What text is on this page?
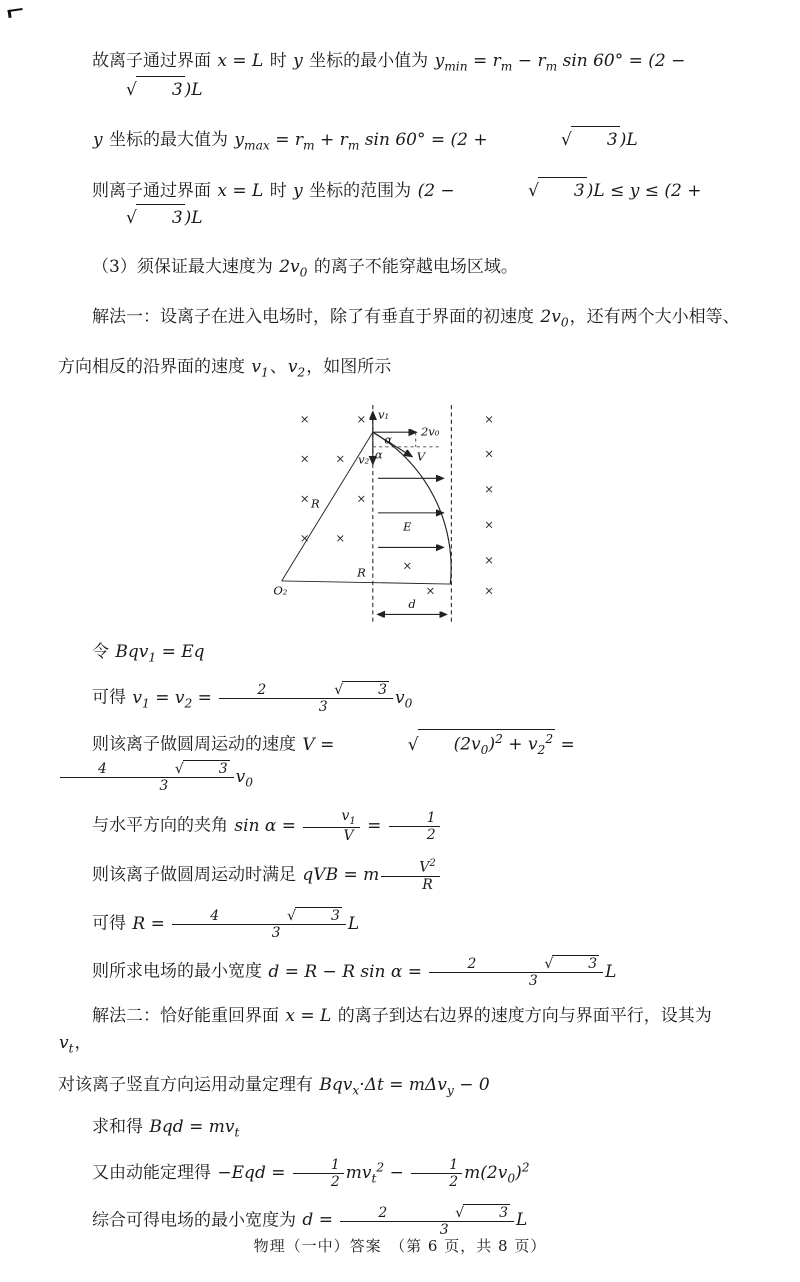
故离子通过界面 x = L 时 y 坐标的最小值为 $y_{min} = r_m - r_m$ sin 60° = (2 − √ 3 )L

y 坐标的最大值为 $y_{max} = r_m + r_m$ sin 60° = (2 +	√ 3 )L

则离子通过界面 x = L 时 y 坐标的范围为 (2 −	√ 3 )L ≤ y ≤ (2 + √ 3 )L

（3）须保证最大速度为 $2v_0$ 的离子不能穿越电场区域。

解法一：设离子在进入电场时，除了有垂直于界面的初速度 $2v_0$，还有两个大小相等、

方向相反的沿界面的速度 $v_1$、$v_2$，如图所示

×	×	×
× ×	×
×	×
×
× ×
×
×	×
×	×
v₁
2v₀
V
α
α
v₂
E
R
R
O₂
d

令 Bqv$_1$ = Eq

可得 $v_1 = v_2 = 2$	√	3
3 $v_0$

则该离子做圆周运动的速度 V =	√ $(2v_0)^2 + v_2^2$ =
4	√	3
3 $v_0$

与水平方向的夹角 $\sin \alpha = \frac{v_1}{V} = \frac{1}{2}$

则该离子做圆周运动时满足 qVB = m $\frac{V^2}{R}$

可得 R = 4	√	3
3 L

则所求电场的最小宽度 d = R − R sin α = 2	√	3
3 L

解法二：恰好能重回界面 x = L 的离子到达右边界的速度方向与界面平行，设其为 $v_t$，

对该离子竖直方向运用动量定理有 Bqv$_x$·Δt = mΔv$_y$ − 0

求和得 Bqd = $mv_t$

又由动能定理得 $-Eqd = \frac{1}{2} mv_t^2 - \frac{1}{2} m(2v_0)^2$

综合可得电场的最小宽度为 d = 2	√	3
3 L

物理（一中）答案　（第 6 页，共 8 页）
